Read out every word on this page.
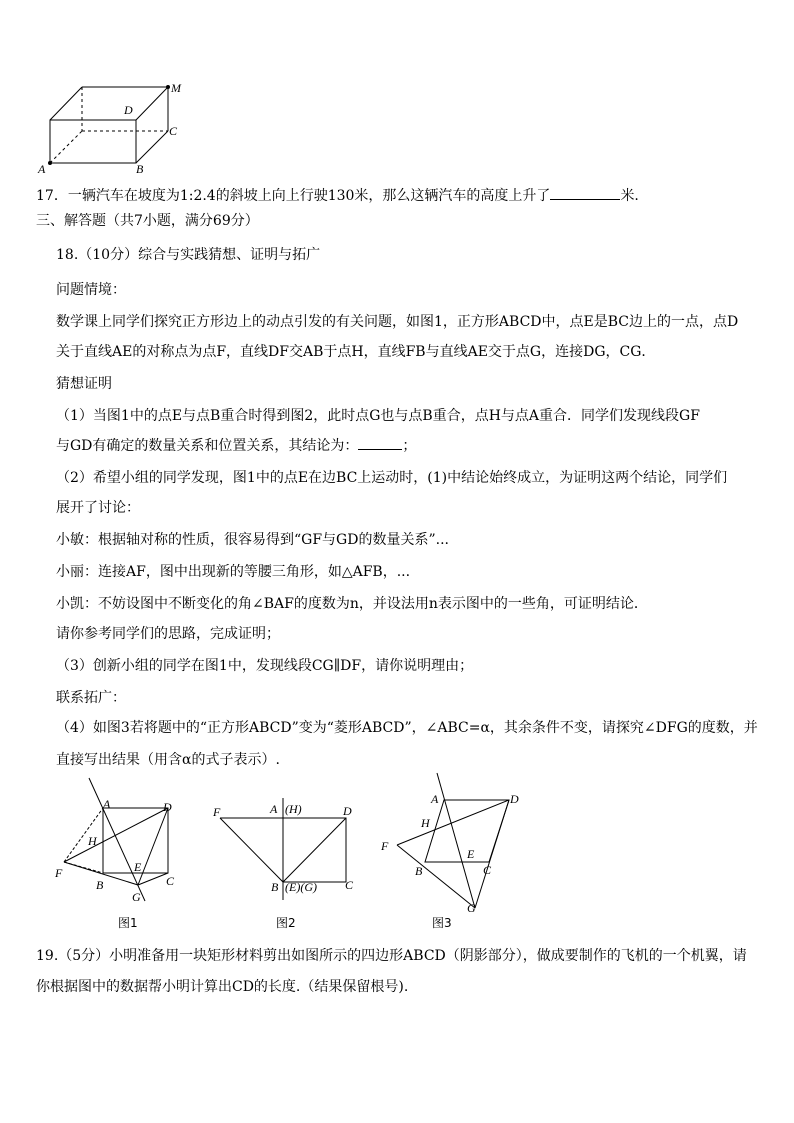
A	B
C
D
M
17．一辆汽车在坡度为1:2.4的斜坡上向上行驶130米，那么这辆汽车的高度上升了	米.
三、解答题（共7小题，满分69分）
18.（10分）综合与实践猜想、证明与拓广
问题情境：
数学课上同学们探究正方形边上的动点引发的有关问题，如图1，正方形ABCD中，点E是BC边上的一点，点D
关于直线AE的对称点为点F，直线DF交AB于点H，直线FB与直线AE交于点G，连接DG，CG．
猜想证明
（1）当图1中的点E与点B重合时得到图2，此时点G也与点B重合，点H与点A重合．同学们发现线段GF
与GD有确定的数量关系和位置关系，其结论为：	；
（2）希望小组的同学发现，图1中的点E在边BC上运动时，(1)中结论始终成立，为证明这两个结论，同学们
展开了讨论：
小敏：根据轴对称的性质，很容易得到“GF与GD的数量关系”...
小丽：连接AF，图中出现新的等腰三角形，如△AFB，...
小凯：不妨设图中不断变化的角∠BAF的度数为n，并设法用n表示图中的一些角，可证明结论．
请你参考同学们的思路，完成证明；
（3）创新小组的同学在图1中，发现线段CG∥DF，请你说明理由；
联系拓广：
（4）如图3若将题中的“正方形ABCD”变为“菱形ABCD”，∠ABC=α，其余条件不变，请探究∠DFG的度数，并
直接写出结果（用含α的式子表示）.
A	D
H
F
B
E
C
G
图1
A (H)	D
F
B (E)(G) C
图2
A	D
H
F
E
B	C
G
图3
19.（5分）小明准备用一块矩形材料剪出如图所示的四边形ABCD（阴影部分），做成要制作的飞机的一个机翼，请
你根据图中的数据帮小明计算出CD的长度.（结果保留根号).
